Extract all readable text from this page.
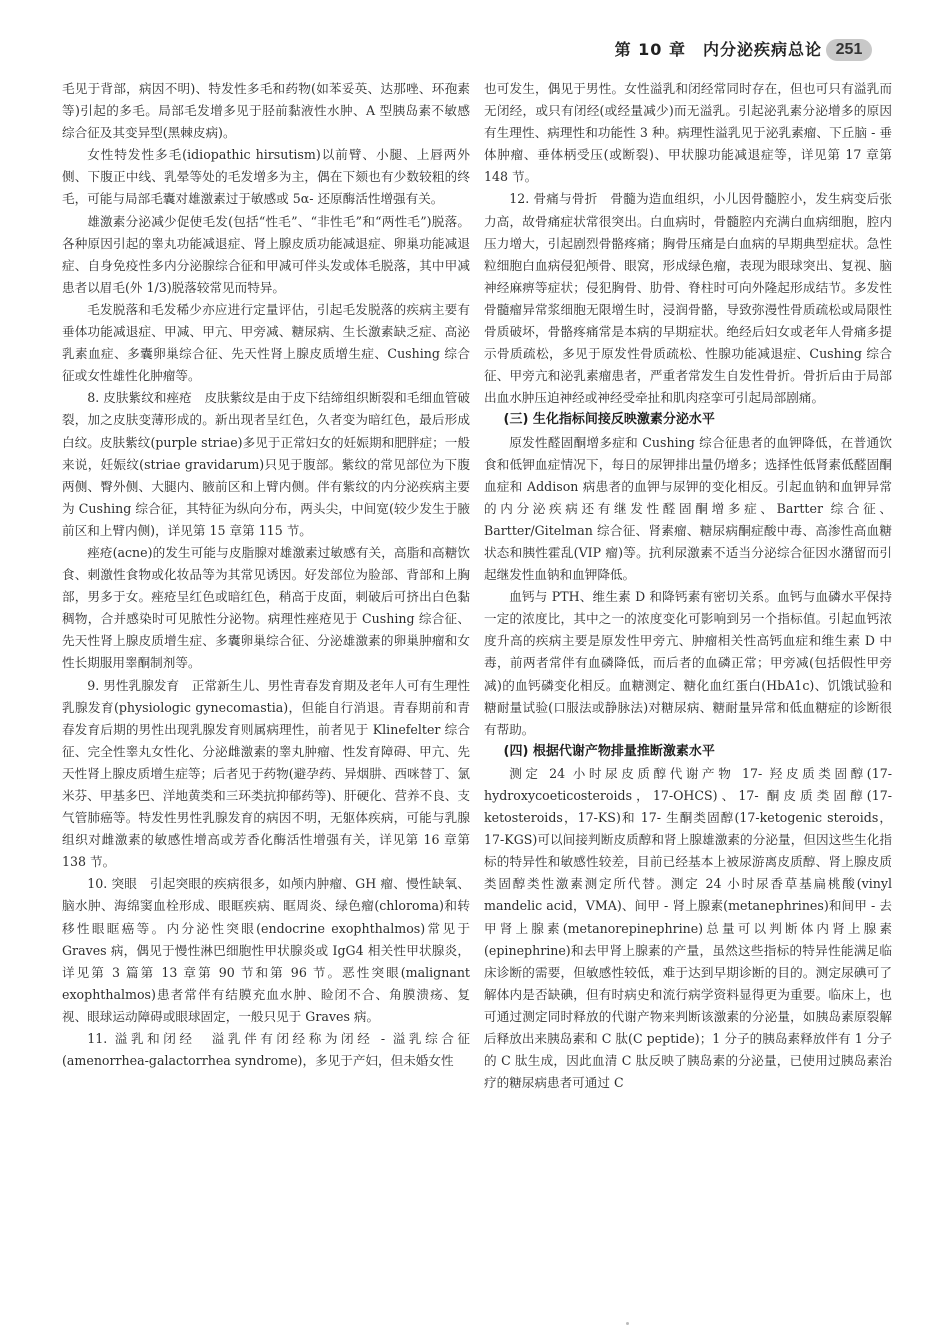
第 10 章　内分泌疾病总论 251

毛见于背部，病因不明)、特发性多毛和药物(如苯妥英、达那唑、环孢素等)引起的多毛。局部毛发增多见于胫前黏液性水肿、A 型胰岛素不敏感综合征及其变异型(黑棘皮病)。

女性特发性多毛(idiopathic hirsutism)以前臂、小腿、上唇两外侧、下腹正中线、乳晕等处的毛发增多为主，偶在下颏也有少数较粗的终毛，可能与局部毛囊对雄激素过于敏感或 5α- 还原酶活性增强有关。

雄激素分泌减少促使毛发(包括“性毛”、“非性毛”和“两性毛”)脱落。各种原因引起的睾丸功能减退症、肾上腺皮质功能减退症、卵巢功能减退症、自身免疫性多内分泌腺综合征和甲减可伴头发或体毛脱落，其中甲减患者以眉毛(外 1/3)脱落较常见而特异。

毛发脱落和毛发稀少亦应进行定量评估，引起毛发脱落的疾病主要有垂体功能减退症、甲减、甲亢、甲旁减、糖尿病、生长激素缺乏症、高泌乳素血症、多囊卵巢综合征、先天性肾上腺皮质增生症、Cushing 综合征或女性雄性化肿瘤等。

8. 皮肤紫纹和痤疮　皮肤紫纹是由于皮下结缔组织断裂和毛细血管破裂，加之皮肤变薄形成的。新出现者呈红色，久者变为暗红色，最后形成白纹。皮肤紫纹(purple striae)多见于正常妇女的妊娠期和肥胖症；一般来说，妊娠纹(striae gravidarum)只见于腹部。紫纹的常见部位为下腹两侧、臀外侧、大腿内、腋前区和上臂内侧。伴有紫纹的内分泌疾病主要为 Cushing 综合征，其特征为纵向分布，两头尖，中间宽(较少发生于腋前区和上臂内侧)，详见第 15 章第 115 节。

痤疮(acne)的发生可能与皮脂腺对雄激素过敏感有关，高脂和高糖饮食、刺激性食物或化妆品等为其常见诱因。好发部位为脸部、背部和上胸部，男多于女。痤疮呈红色或暗红色，稍高于皮面，刺破后可挤出白色黏稠物，合并感染时可见脓性分泌物。病理性痤疮见于 Cushing 综合征、先天性肾上腺皮质增生症、多囊卵巢综合征、分泌雄激素的卵巢肿瘤和女性长期服用睾酮制剂等。

9. 男性乳腺发育　正常新生儿、男性青春发育期及老年人可有生理性乳腺发育(physiologic gynecomastia)，但能自行消退。青春期前和青春发育后期的男性出现乳腺发育则属病理性，前者见于 Klinefelter 综合征、完全性睾丸女性化、分泌雌激素的睾丸肿瘤、性发育障碍、甲亢、先天性肾上腺皮质增生症等；后者见于药物(避孕药、异烟肼、西咪替丁、氯米芬、甲基多巴、洋地黄类和三环类抗抑郁药等)、肝硬化、营养不良、支气管肺癌等。特发性男性乳腺发育的病因不明，无躯体疾病，可能与乳腺组织对雌激素的敏感性增高或芳香化酶活性增强有关，详见第 16 章第 138 节。

10. 突眼　引起突眼的疾病很多，如颅内肿瘤、GH 瘤、慢性缺氧、脑水肿、海绵窦血栓形成、眼眶疾病、眶周炎、绿色瘤(chloroma)和转移性眼眶癌等。内分泌性突眼(endocrine exophthalmos)常见于 Graves 病，偶见于慢性淋巴细胞性甲状腺炎或 IgG4 相关性甲状腺炎，详见第 3 篇第 13 章第 90 节和第 96 节。恶性突眼(malignant exophthalmos)患者常伴有结膜充血水肿、睑闭不合、角膜溃疡、复视、眼球运动障碍或眼球固定，一般只见于 Graves 病。

11. 溢乳和闭经　溢乳伴有闭经称为闭经 - 溢乳综合征(amenorrhea-galactorrhea syndrome)，多见于产妇，但未婚女性

也可发生，偶见于男性。女性溢乳和闭经常同时存在，但也可只有溢乳而无闭经，或只有闭经(或经量减少)而无溢乳。引起泌乳素分泌增多的原因有生理性、病理性和功能性 3 种。病理性溢乳见于泌乳素瘤、下丘脑 - 垂体肿瘤、垂体柄受压(或断裂)、甲状腺功能减退症等，详见第 17 章第 148 节。

12. 骨痛与骨折　骨髓为造血组织，小儿因骨髓腔小，发生病变后张力高，故骨痛症状常很突出。白血病时，骨髓腔内充满白血病细胞，腔内压力增大，引起剧烈骨骼疼痛；胸骨压痛是白血病的早期典型症状。急性粒细胞白血病侵犯颅骨、眼窝，形成绿色瘤，表现为眼球突出、复视、脑神经麻痹等症状；侵犯胸骨、肋骨、脊柱时可向外隆起形成结节。多发性骨髓瘤异常浆细胞无限增生时，浸润骨骼，导致弥漫性骨质疏松或局限性骨质破坏，骨骼疼痛常是本病的早期症状。绝经后妇女或老年人骨痛多提示骨质疏松，多见于原发性骨质疏松、性腺功能减退症、Cushing 综合征、甲旁亢和泌乳素瘤患者，严重者常发生自发性骨折。骨折后由于局部出血水肿压迫神经或神经受牵扯和肌肉痉挛可引起局部剧痛。

(三) 生化指标间接反映激素分泌水平

原发性醛固酮增多症和 Cushing 综合征患者的血钾降低，在普通饮食和低钾血症情况下，每日的尿钾排出量仍增多；选择性低肾素低醛固酮血症和 Addison 病患者的血钾与尿钾的变化相反。引起血钠和血钾异常的内分泌疾病还有继发性醛固酮增多症、Bartter 综合征、Bartter/Gitelman 综合征、肾素瘤、糖尿病酮症酸中毒、高渗性高血糖状态和胰性霍乱(VIP 瘤)等。抗利尿激素不适当分泌综合征因水潴留而引起继发性血钠和血钾降低。

血钙与 PTH、维生素 D 和降钙素有密切关系。血钙与血磷水平保持一定的浓度比，其中之一的浓度变化可影响到另一个指标值。引起血钙浓度升高的疾病主要是原发性甲旁亢、肿瘤相关性高钙血症和维生素 D 中毒，前两者常伴有血磷降低，而后者的血磷正常；甲旁减(包括假性甲旁减)的血钙磷变化相反。血糖测定、糖化血红蛋白(HbA1c)、饥饿试验和糖耐量试验(口服法或静脉法)对糖尿病、糖耐量异常和低血糖症的诊断很有帮助。

(四) 根据代谢产物排量推断激素水平

测定 24 小时尿皮质醇代谢产物 17- 羟皮质类固醇(17-hydroxycoeticosteroids，17-OHCS)、17- 酮皮质类固醇(17-ketosteroids，17-KS)和 17- 生酮类固醇(17-ketogenic steroids，17-KGS)可以间接判断皮质醇和肾上腺雄激素的分泌量，但因这些生化指标的特异性和敏感性较差，目前已经基本上被尿游离皮质醇、肾上腺皮质类固醇类性激素测定所代替。测定 24 小时尿香草基扁桃酸(vinyl mandelic acid，VMA)、间甲 - 肾上腺素(metanephrines)和间甲 - 去甲肾上腺素(metanorepinephrine)总量可以判断体内肾上腺素(epinephrine)和去甲肾上腺素的产量，虽然这些指标的特异性能满足临床诊断的需要，但敏感性较低，难于达到早期诊断的目的。测定尿碘可了解体内是否缺碘，但有时病史和流行病学资料显得更为重要。临床上，也可通过测定同时释放的代谢产物来判断该激素的分泌量，如胰岛素原裂解后释放出来胰岛素和 C 肽(C peptide)；1 分子的胰岛素释放伴有 1 分子的 C 肽生成，因此血清 C 肽反映了胰岛素的分泌量，已使用过胰岛素治疗的糖尿病患者可通过 C
